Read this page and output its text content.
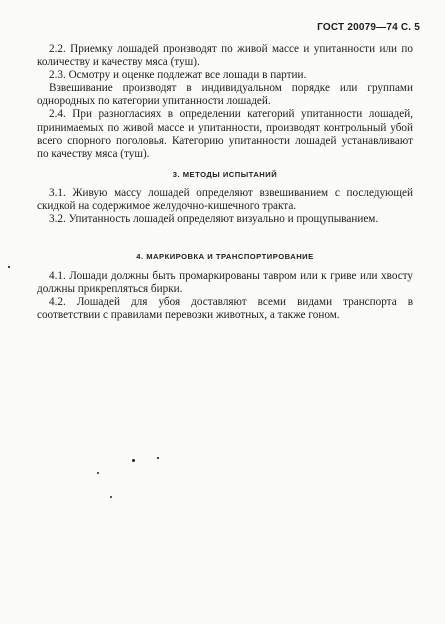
ГОСТ 20079—74 С. 5

2.2. Приемку лошадей производят по живой массе и упитанности или по количеству и качеству мяса (туш).

2.3. Осмотру и оценке подлежат все лошади в партии.

Взвешивание производят в индивидуальном порядке или группами однородных по категории упитанности лошадей.

2.4. При разногласиях в определении категорий упитанности лошадей, принимаемых по живой массе и упитанности, производят контрольный убой всего спорного поголовья. Категорию упитанности лошадей устанавливают по качеству мяса (туш).

3. МЕТОДЫ ИСПЫТАНИЙ

3.1. Живую массу лошадей определяют взвешиванием с последующей скидкой на содержимое желудочно-кишечного тракта.

3.2. Упитанность лошадей определяют визуально и прощупыванием.

4. МАРКИРОВКА И ТРАНСПОРТИРОВАНИЕ

4.1. Лошади должны быть промаркированы тавром или к гриве или хвосту должны прикрепляться бирки.

4.2. Лошадей для убоя доставляют всеми видами транспорта в соответствии с правилами перевозки животных, а также гоном.
